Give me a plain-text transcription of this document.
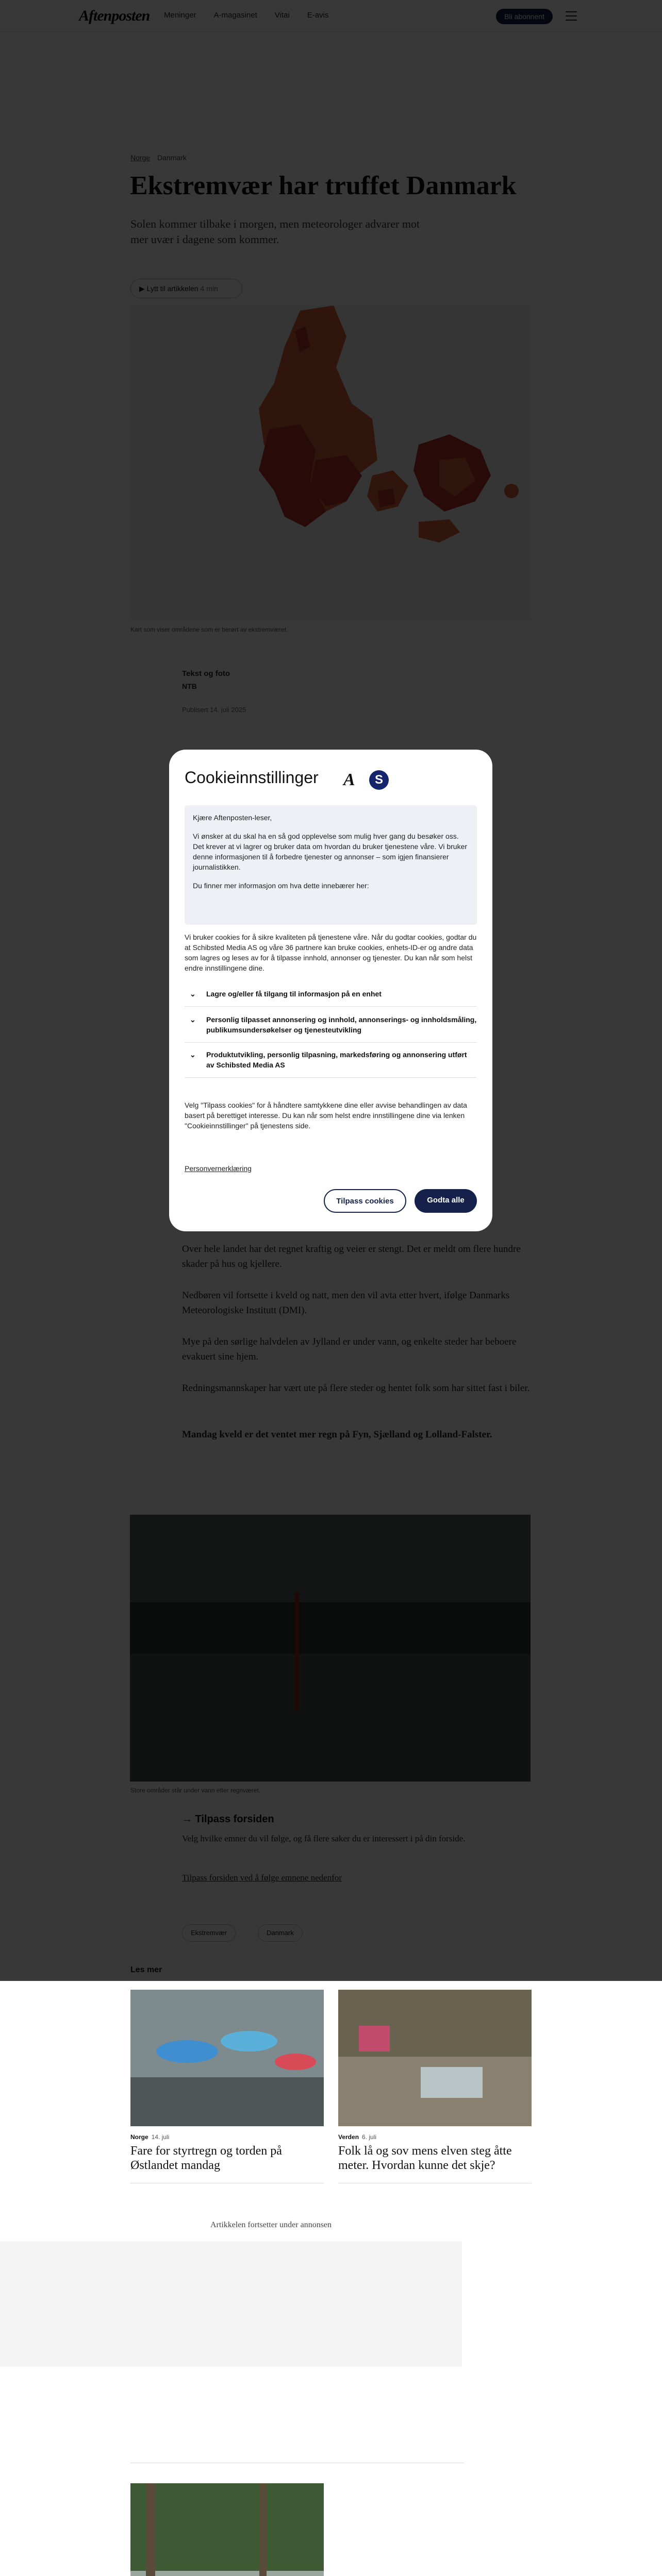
Norge 14. juli
Fare for styrtregn og torden på Østlandet mandag
Verden 6. juli
Folk lå og sov mens elven steg åtte meter. Hvordan kunne det skje?
Artikkelen fortsetter under annonsen
Cookieinnstillinger A	S

Kjære Aftenposten-leser,

Vi ønsker at du skal ha en så god opplevelse som mulig hver gang du besøker oss. Det krever at vi lagrer og bruker data om hvordan du bruker tjenestene våre. Vi bruker denne informasjonen til å forbedre tjenester og annonser – som igjen finansierer journalistikken.

Du finner mer informasjon om hva dette innebærer her:

Vi bruker cookies for å sikre kvaliteten på tjenestene våre. Når du godtar cookies, godtar du at Schibsted Media AS og våre 36 partnere kan bruke cookies, enhets-ID-er og andre data som lagres og leses av for å tilpasse innhold, annonser og tjenester. Du kan når som helst endre innstillingene dine.

⌄ Lagre og/eller få tilgang til informasjon på en enhet
⌄ Personlig tilpasset annonsering og innhold, annonserings- og innholdsmåling, publikumsundersøkelser og tjenesteutvikling
⌄ Produktutvikling, personlig tilpasning, markedsføring og annonsering utført av Schibsted Media AS

Velg "Tilpass cookies" for å håndtere samtykkene dine eller avvise behandlingen av data basert på berettiget interesse. Du kan når som helst endre innstillingene dine via lenken "Cookieinnstillinger" på tjenestens side.

Personvernerklæring
Tilpass cookies	Godta alle
